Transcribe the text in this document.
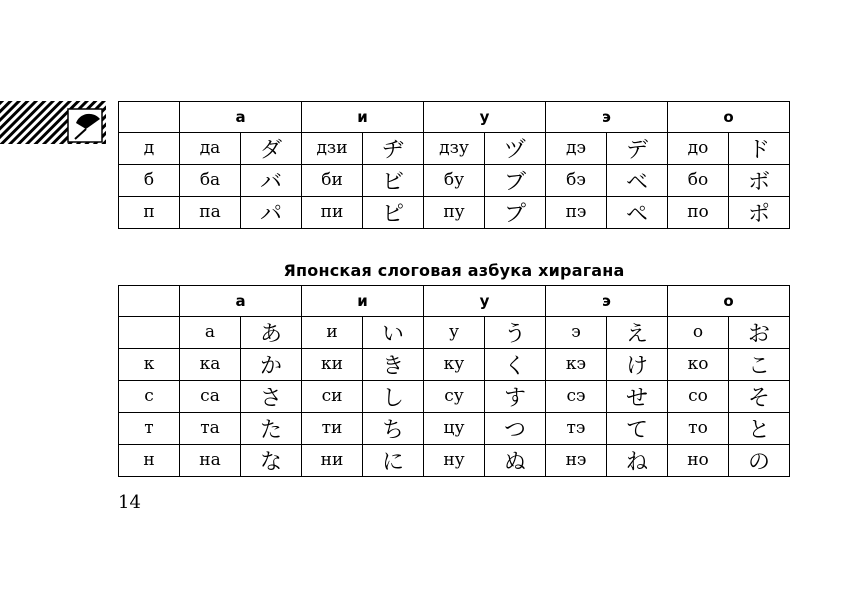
	а		и		у		э		о	
д	да	ダ	дзи	ヂ	дзу	ヅ	дэ	デ	до	ド
б	ба	バ	би	ビ	бу	ブ	бэ	ベ	бо	ボ
п	па	パ	пи	ピ	пу	プ	пэ	ペ	по	ポ
Японская слоговая азбука хирагана
	а		и		у		э		о	
	а	あ	и	い	у	う	э	え	о	お
к	ка	か	ки	き	ку	く	кэ	け	ко	こ
с	са	さ	си	し	су	す	сэ	せ	со	そ
т	та	た	ти	ち	цу	つ	тэ	て	то	と
н	на	な	ни	に	ну	ぬ	нэ	ね	но	の
14
